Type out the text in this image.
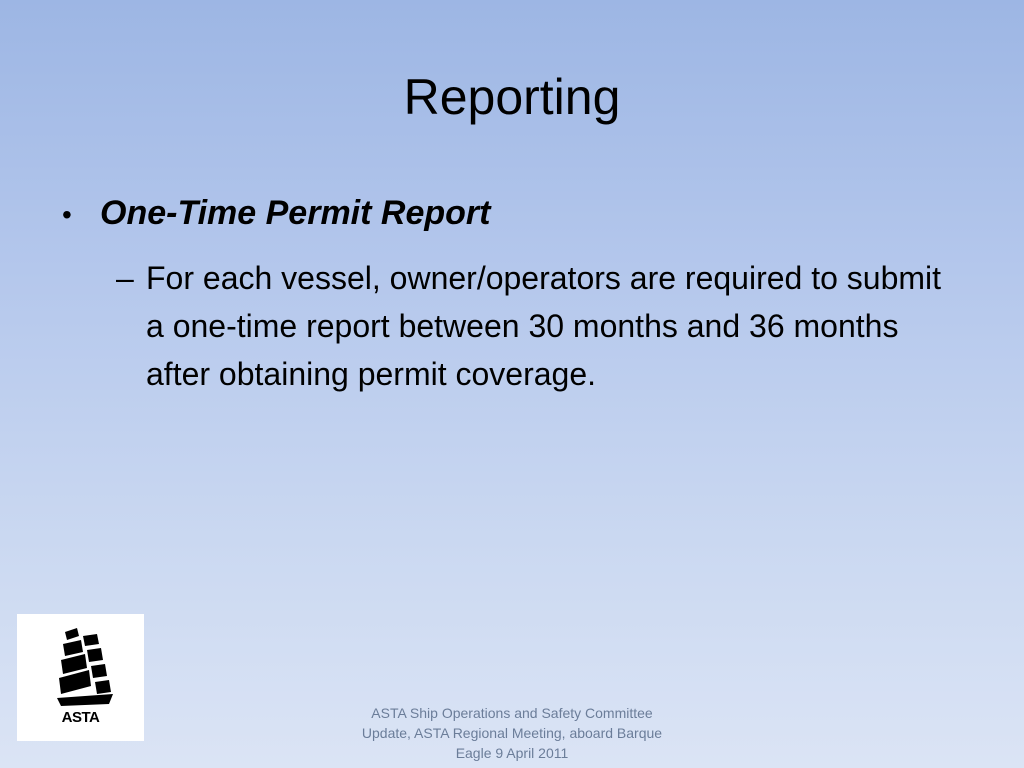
Reporting
• One-Time Permit Report
– For each vessel, owner/operators are required to submit a one-time report between 30 months and 36 months after obtaining permit coverage.
ASTA	ASTA Ship Operations and Safety Committee Update, ASTA Regional Meeting, aboard Barque Eagle 9 April 2011
